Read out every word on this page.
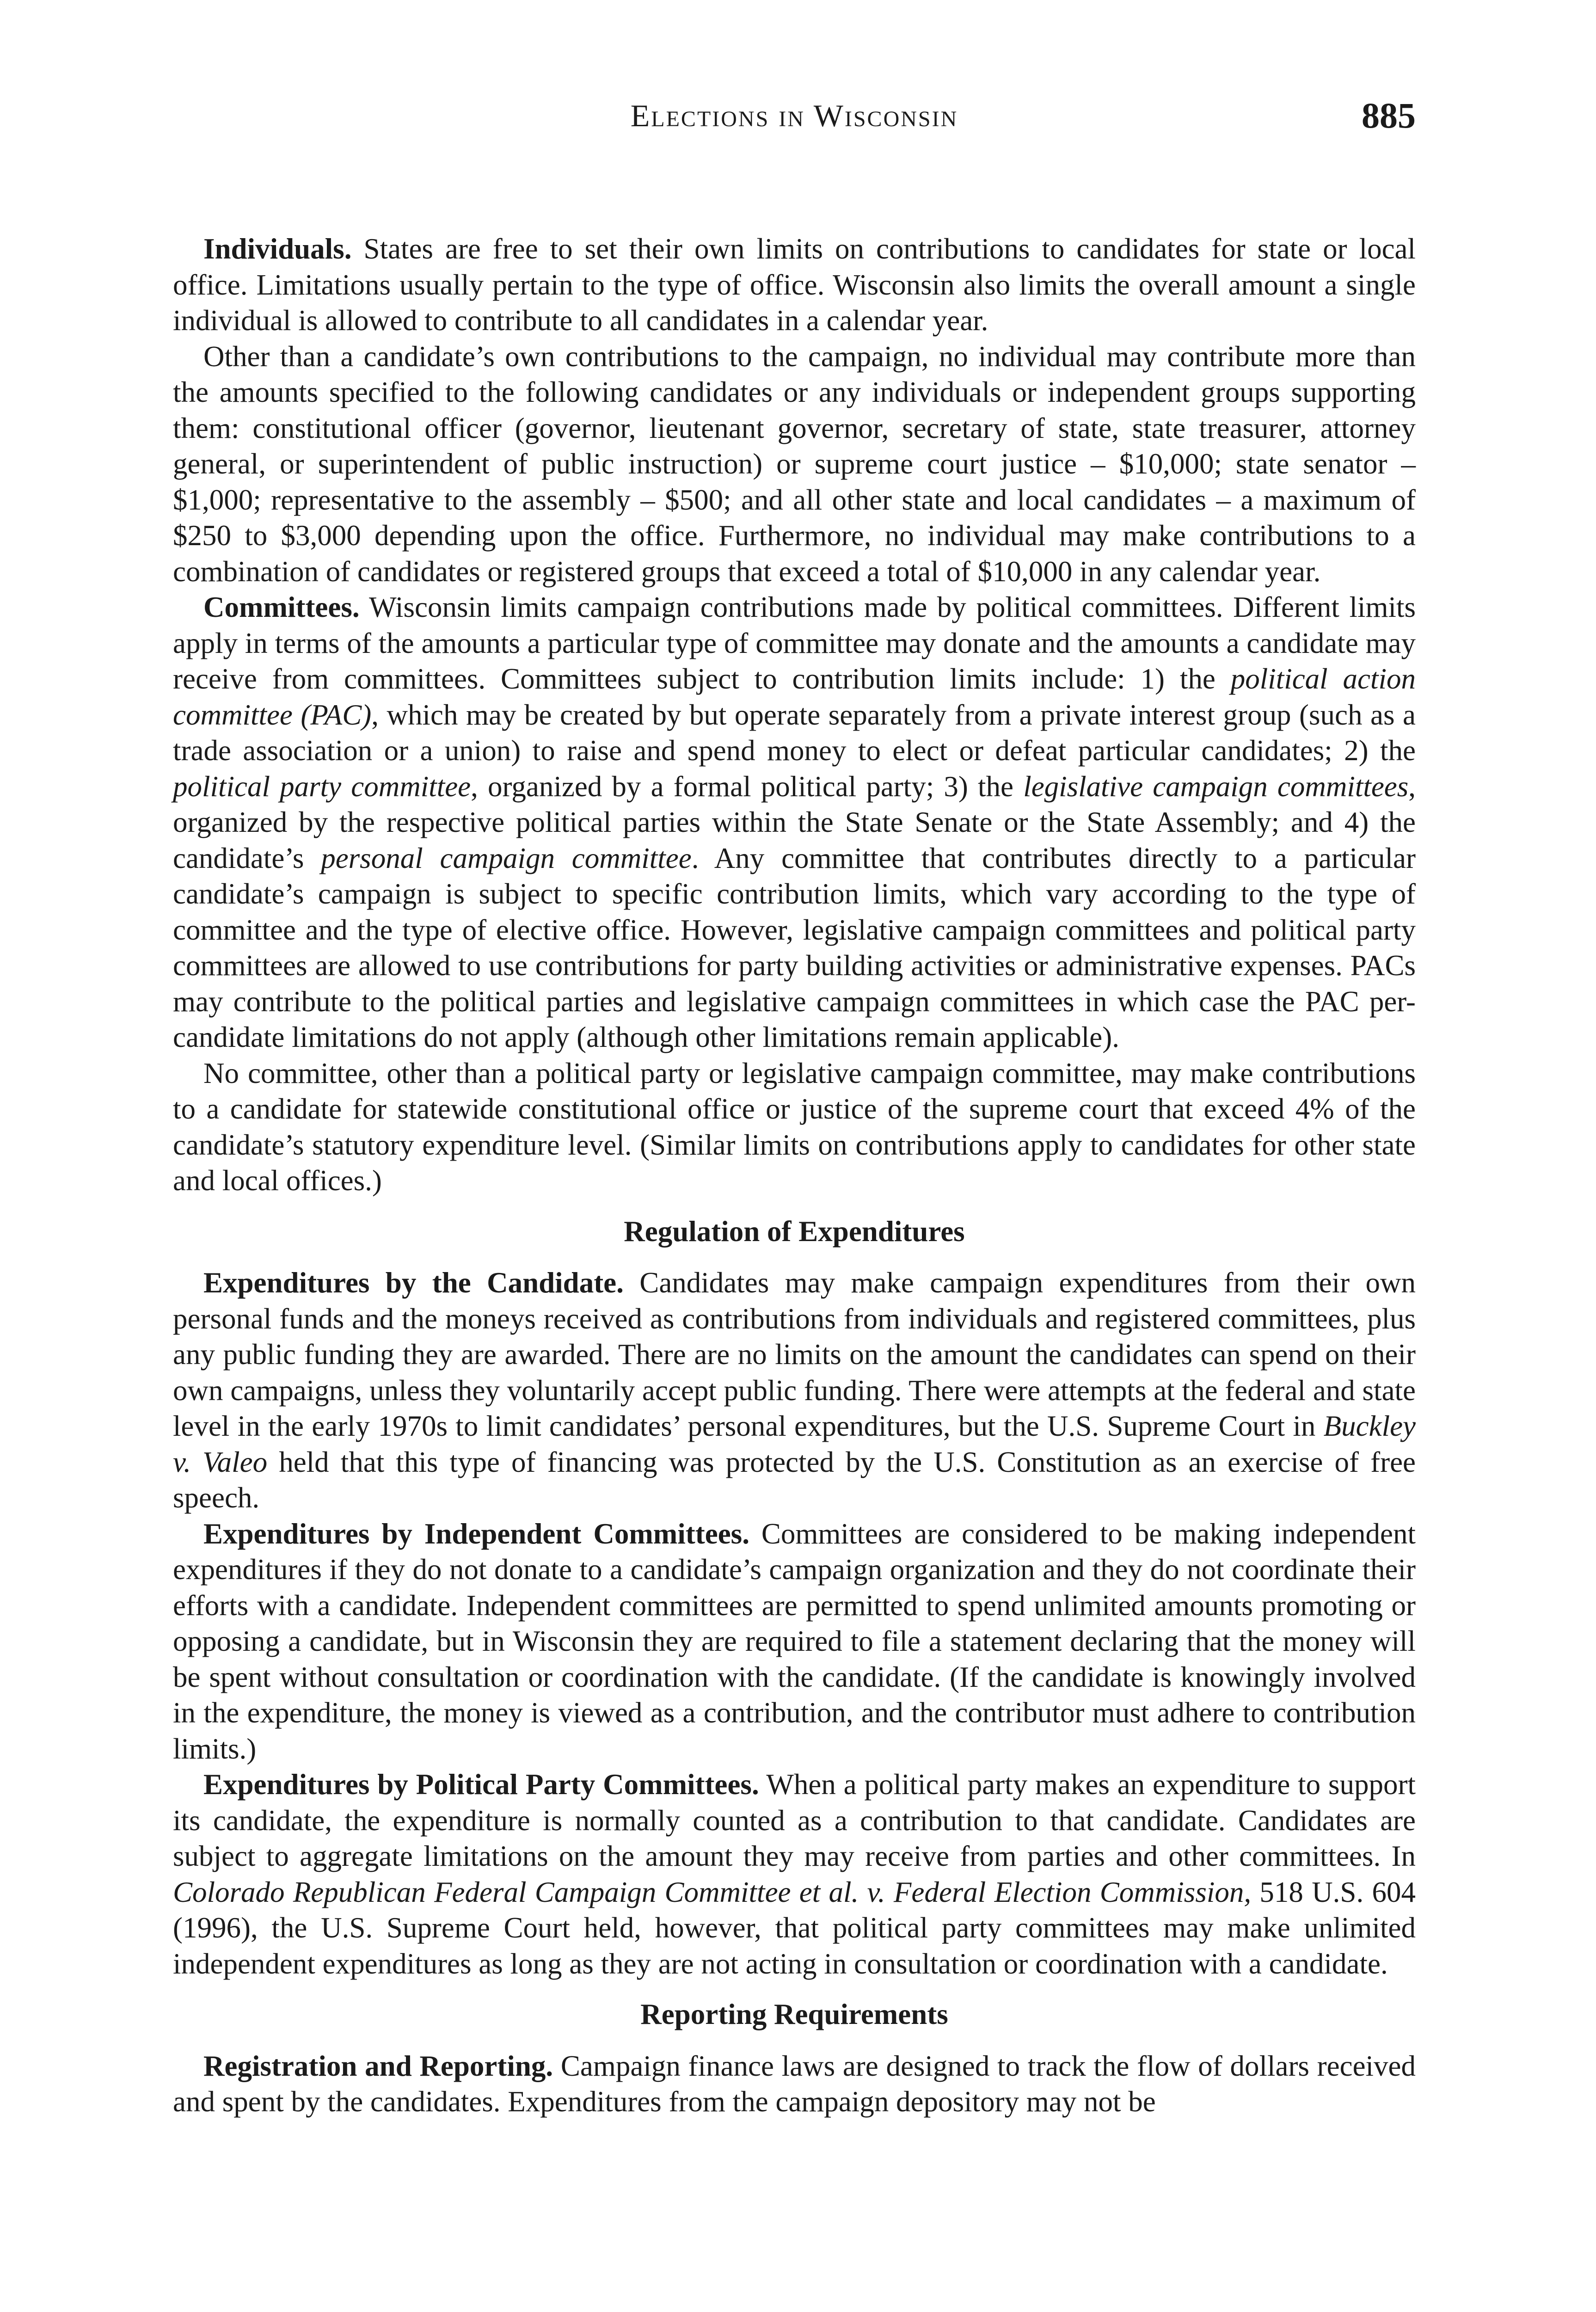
Elections in Wisconsin	885

Individuals. States are free to set their own limits on contributions to candidates for state or local office. Limitations usually pertain to the type of office. Wisconsin also limits the overall amount a single individual is allowed to contribute to all candidates in a calendar year.

Other than a candidate’s own contributions to the campaign, no individual may contribute more than the amounts specified to the following candidates or any individuals or independent groups supporting them: constitutional officer (governor, lieutenant governor, secretary of state, state treasurer, attorney general, or superintendent of public instruction) or supreme court justice – $10,000; state senator – $1,000; representative to the assembly – $500; and all other state and local candidates – a maximum of $250 to $3,000 depending upon the office. Furthermore, no individual may make contributions to a combination of candidates or registered groups that exceed a total of $10,000 in any calendar year.

Committees. Wisconsin limits campaign contributions made by political committees. Different limits apply in terms of the amounts a particular type of committee may donate and the amounts a candidate may receive from committees. Committees subject to contribution limits include: 1) the political action committee (PAC), which may be created by but operate separately from a private interest group (such as a trade association or a union) to raise and spend money to elect or defeat particular candidates; 2) the political party committee, organized by a formal political party; 3) the legislative campaign committees, organized by the respective political parties within the State Senate or the State Assembly; and 4) the candidate’s personal campaign committee. Any committee that contributes directly to a particular candidate’s campaign is subject to specific contribution limits, which vary according to the type of committee and the type of elective office. However, legislative campaign committees and political party committees are allowed to use contributions for party building activities or administrative expenses. PACs may contribute to the political parties and legislative campaign committees in which case the PAC per-candidate limitations do not apply (although other limitations remain applicable).

No committee, other than a political party or legislative campaign committee, may make contributions to a candidate for statewide constitutional office or justice of the supreme court that exceed 4% of the candidate’s statutory expenditure level. (Similar limits on contributions apply to candidates for other state and local offices.)

Regulation of Expenditures

Expenditures by the Candidate. Candidates may make campaign expenditures from their own personal funds and the moneys received as contributions from individuals and registered committees, plus any public funding they are awarded. There are no limits on the amount the candidates can spend on their own campaigns, unless they voluntarily accept public funding. There were attempts at the federal and state level in the early 1970s to limit candidates’ personal expenditures, but the U.S. Supreme Court in Buckley v. Valeo held that this type of financing was protected by the U.S. Constitution as an exercise of free speech.

Expenditures by Independent Committees. Committees are considered to be making independent expenditures if they do not donate to a candidate’s campaign organization and they do not coordinate their efforts with a candidate. Independent committees are permitted to spend unlimited amounts promoting or opposing a candidate, but in Wisconsin they are required to file a statement declaring that the money will be spent without consultation or coordination with the candidate. (If the candidate is knowingly involved in the expenditure, the money is viewed as a contribution, and the contributor must adhere to contribution limits.)

Expenditures by Political Party Committees. When a political party makes an expenditure to support its candidate, the expenditure is normally counted as a contribution to that candidate. Candidates are subject to aggregate limitations on the amount they may receive from parties and other committees. In Colorado Republican Federal Campaign Committee et al. v. Federal Election Commission, 518 U.S. 604 (1996), the U.S. Supreme Court held, however, that political party committees may make unlimited independent expenditures as long as they are not acting in consultation or coordination with a candidate.

Reporting Requirements

Registration and Reporting. Campaign finance laws are designed to track the flow of dollars received and spent by the candidates. Expenditures from the campaign depository may not be
